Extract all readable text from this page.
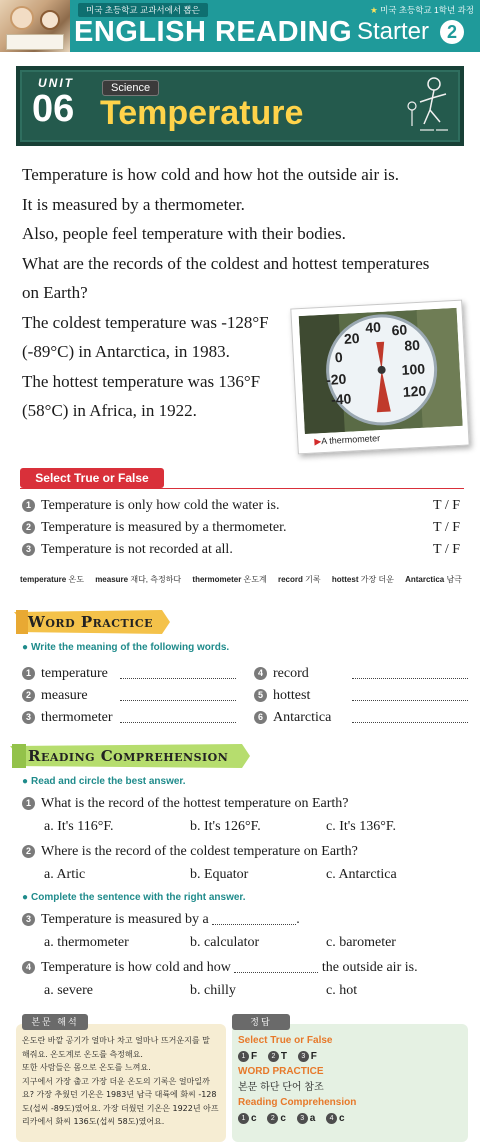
미국 초등학교 교과서에서 뽑은
ENGLISH READING
★ 미국 초등학교 1학년 과정
Starter 2
UNIT
06	Science
Temperature

Temperature is how cold and how hot the outside air is.

It is measured by a thermometer.

Also, people feel temperature with their bodies.

What are the records of the coldest and hottest temperatures

on Earth?

The coldest temperature was -128°F

(-89°C) in Antarctica, in 1983.

The hottest temperature was 136°F

(58°C) in Africa, in 1922.

-40
-20
0
20
40 60
80
100
120
▶A thermometer
Select True or False
1 Temperature is only how cold the water is.	T / F
2 Temperature is measured by a thermometer.	T / F
3 Temperature is not recorded at all.	T / F
temperature 온도 measure 재다, 측정하다 thermometer 온도계 record 기록 hottest 가장 더운 Antarctica 남극
Word Practice
● Write the meaning of the following words.
1 temperature	4 record
2 measure	5 hottest
3 thermometer	6 Antarctica
Reading Comprehension
● Read and circle the best answer.
1 What is the record of the hottest temperature on Earth?
a. It's 116°F.	b. It's 126°F.	c. It's 136°F.
2 Where is the record of the coldest temperature on Earth?
a. Artic	b. Equator	c. Antarctica
● Complete the sentence with the right answer.
3 Temperature is measured by a	.
a. thermometer	b. calculator	c. barometer
4 Temperature is how cold and how	the outside air is.
a. severe	b. chilly	c. hot
온도란 바깥 공기가 얼마나 차고 얼마나 뜨거운지를 말
해줘요. 온도계로 온도를 측정해요.
또한 사람들은 몸으로 온도를 느껴요.
지구에서 가장 춥고 가장 더운 온도의 기록은 얼마일까
요? 가장 추웠던 기온은 1983년 남극 대륙에 화씨 -128
도(섭씨 -89도)였어요. 가장 더웠던 기온은 1922년 아프
리카에서 화씨 136도(섭씨 58도)였어요.
본문 해석
Select True or False
1 F 2 T 3 F
WORD PRACTICE
본문 하단 단어 참조
Reading Comprehension
1 c 2 c 3 a 4 c
정답
